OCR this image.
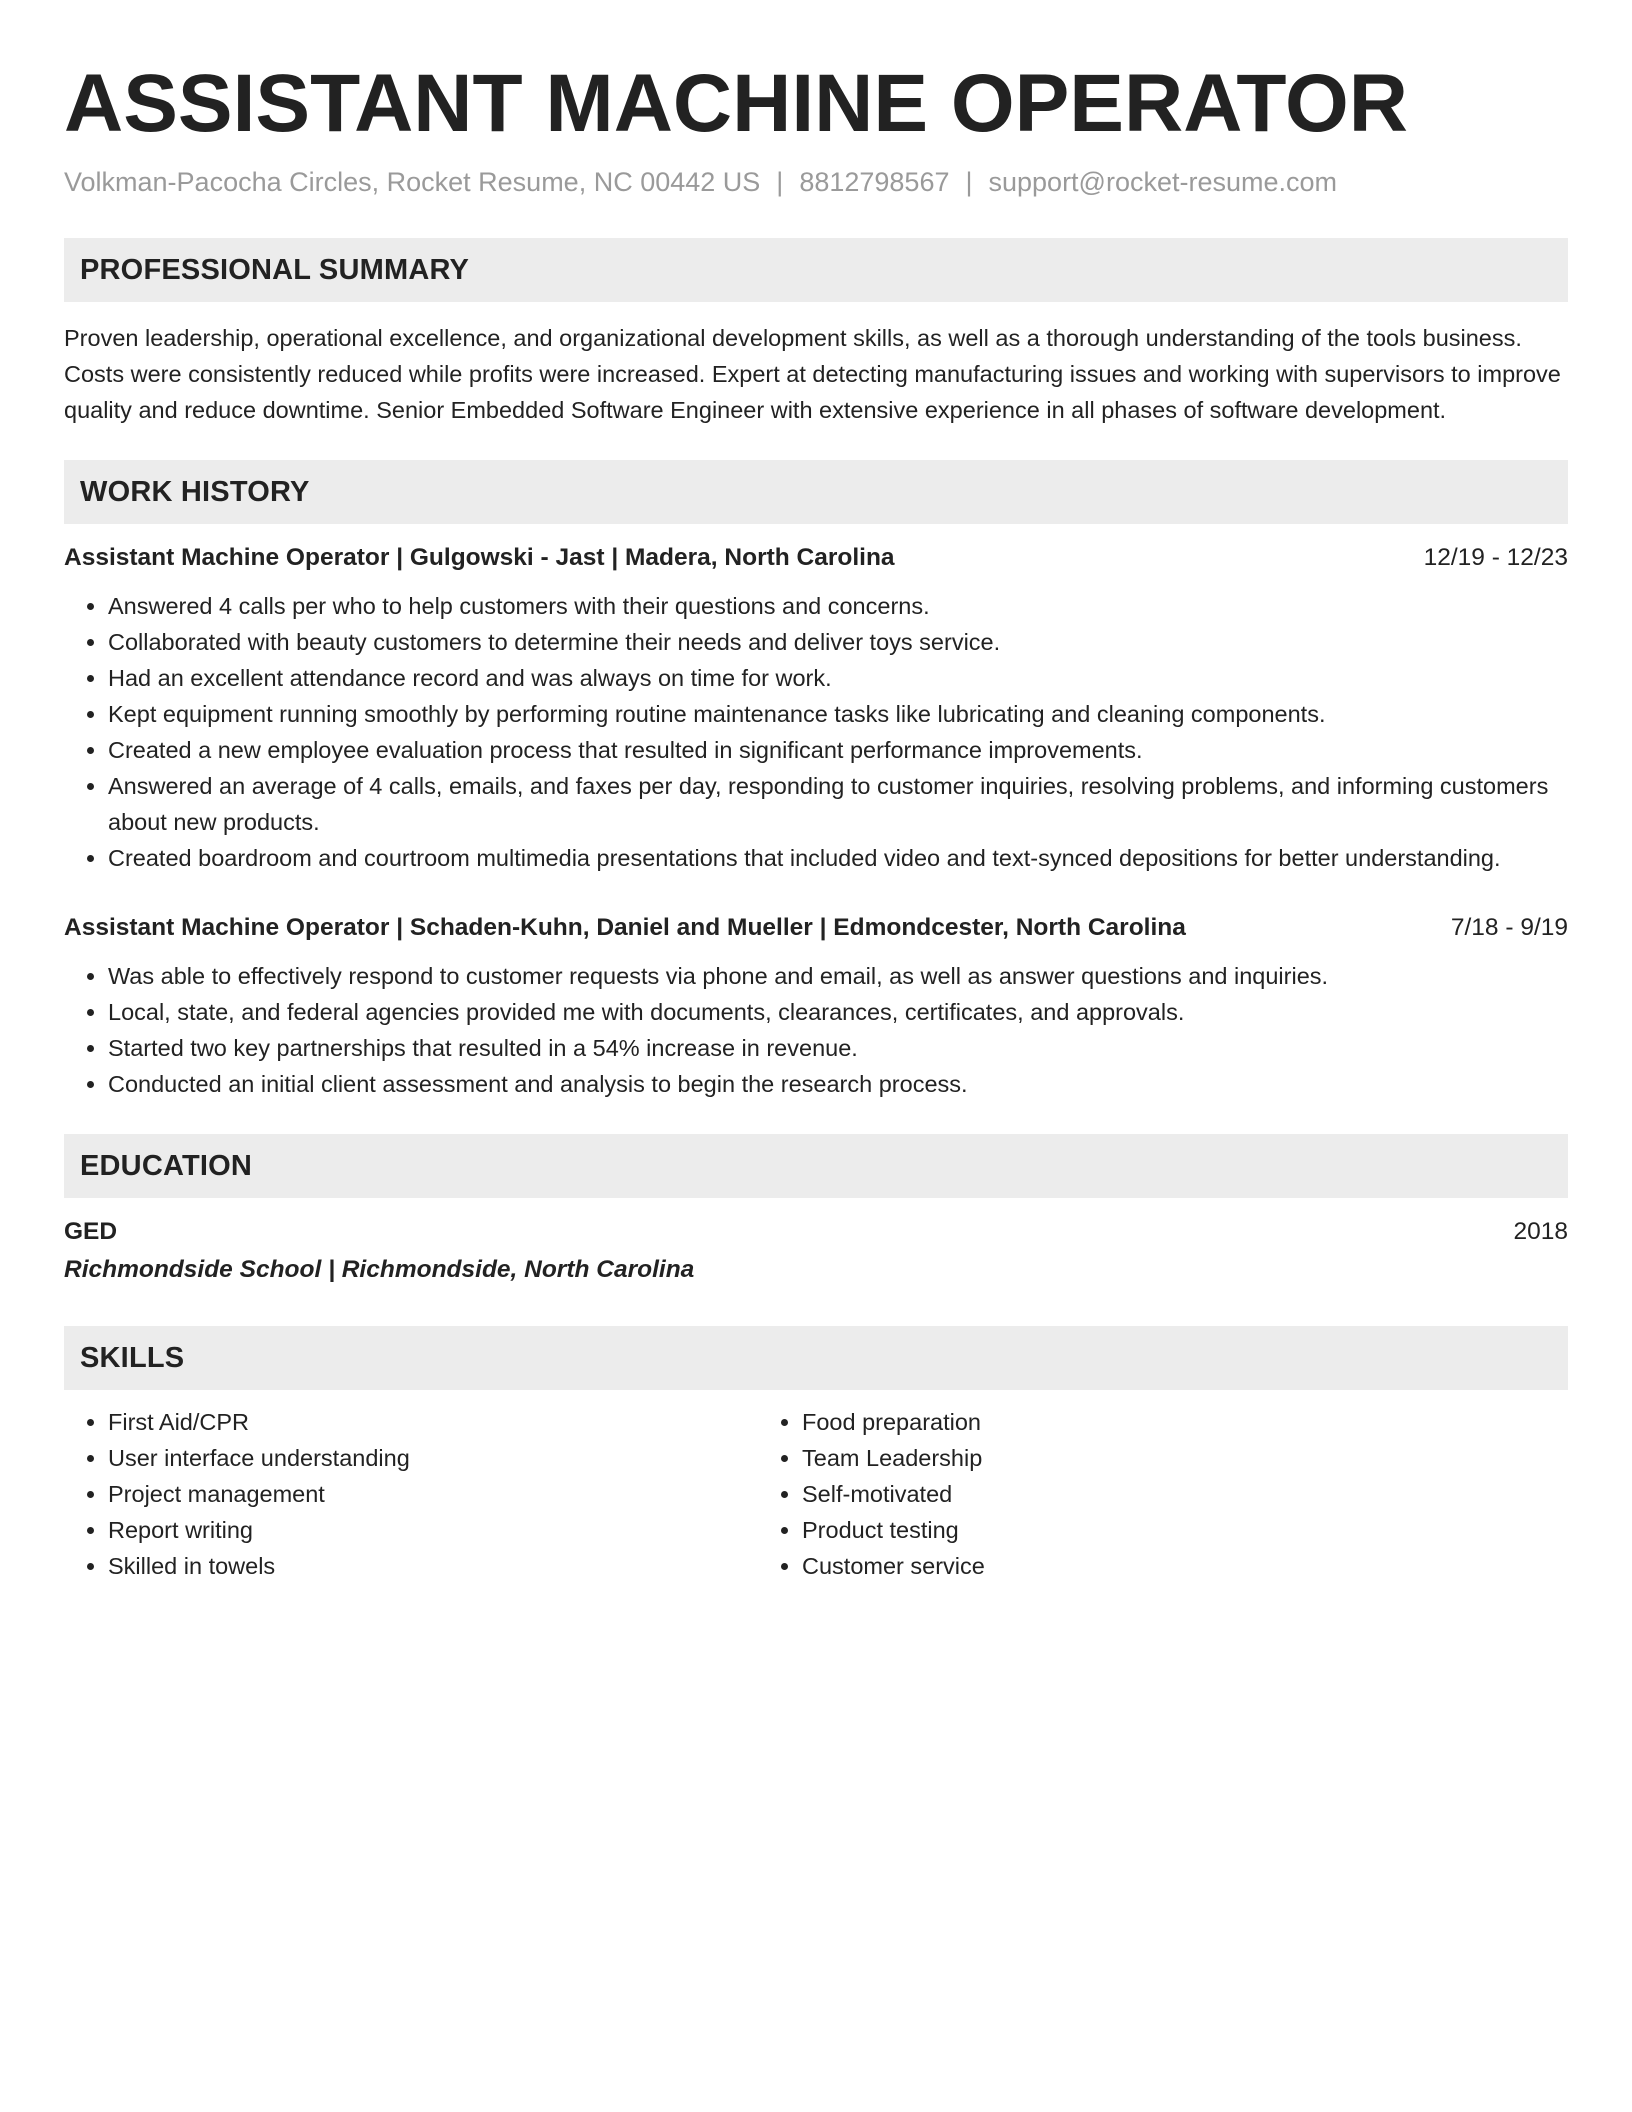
ASSISTANT MACHINE OPERATOR
Volkman-Pacocha Circles, Rocket Resume, NC 00442 US | 8812798567 | support@rocket-resume.com
PROFESSIONAL SUMMARY
Proven leadership, operational excellence, and organizational development skills, as well as a thorough understanding of the tools business. Costs were consistently reduced while profits were increased. Expert at detecting manufacturing issues and working with supervisors to improve quality and reduce downtime. Senior Embedded Software Engineer with extensive experience in all phases of software development.
WORK HISTORY
Assistant Machine Operator | Gulgowski - Jast | Madera, North Carolina	12/19 - 12/23
• Answered 4 calls per who to help customers with their questions and concerns.
• Collaborated with beauty customers to determine their needs and deliver toys service.
• Had an excellent attendance record and was always on time for work.
• Kept equipment running smoothly by performing routine maintenance tasks like lubricating and cleaning components.
• Created a new employee evaluation process that resulted in significant performance improvements.
• Answered an average of 4 calls, emails, and faxes per day, responding to customer inquiries, resolving problems, and informing customers about new products.
• Created boardroom and courtroom multimedia presentations that included video and text-synced depositions for better understanding.
Assistant Machine Operator | Schaden-Kuhn, Daniel and Mueller | Edmondcester, North Carolina	7/18 - 9/19
• Was able to effectively respond to customer requests via phone and email, as well as answer questions and inquiries.
• Local, state, and federal agencies provided me with documents, clearances, certificates, and approvals.
• Started two key partnerships that resulted in a 54% increase in revenue.
• Conducted an initial client assessment and analysis to begin the research process.
EDUCATION
GED	2018
Richmondside School | Richmondside, North Carolina
SKILLS
• First Aid/CPR
• User interface understanding
• Project management
• Report writing
• Skilled in towels
• Food preparation
• Team Leadership
• Self-motivated
• Product testing
• Customer service
